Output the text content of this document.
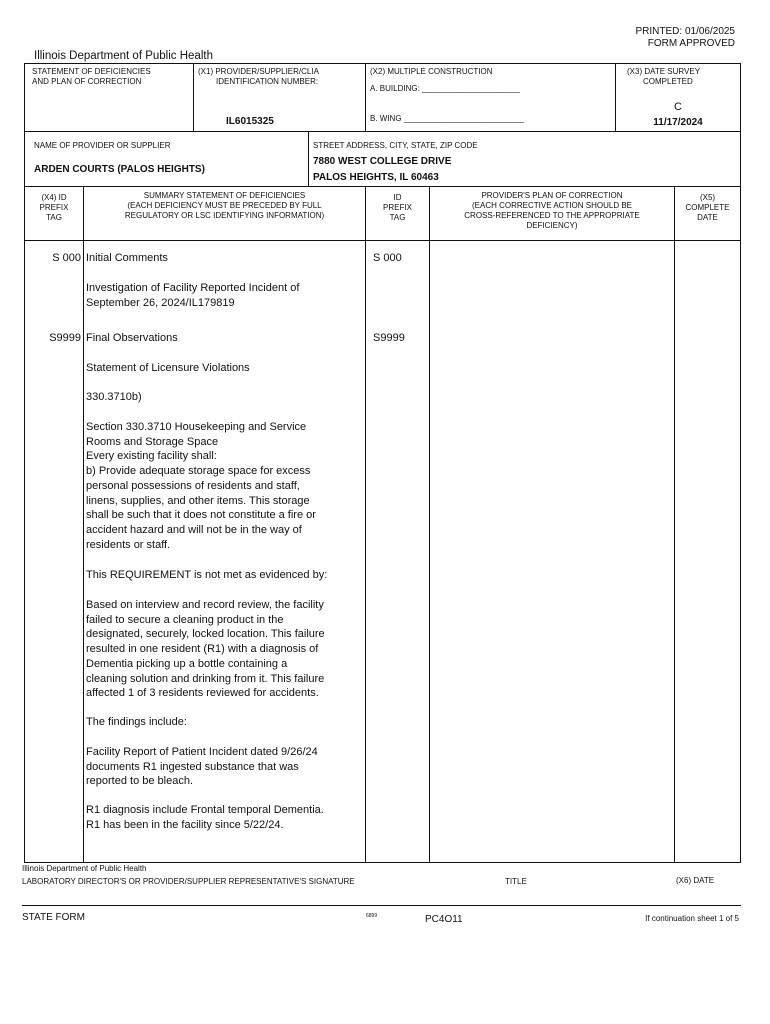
PRINTED: 01/06/2025
FORM APPROVED
Illinois Department of Public Health
STATEMENT OF DEFICIENCIES
AND PLAN OF CORRECTION
(X1) PROVIDER/SUPPLIER/CLIA
IDENTIFICATION NUMBER:
IL6015325
(X2) MULTIPLE CONSTRUCTION
A. BUILDING: ______________________
B. WING ___________________________
(X3) DATE SURVEY
COMPLETED
C
11/17/2024
NAME OF PROVIDER OR SUPPLIER
ARDEN COURTS (PALOS HEIGHTS)
STREET ADDRESS, CITY, STATE, ZIP CODE
7880 WEST COLLEGE DRIVE
PALOS HEIGHTS, IL 60463
(X4) ID
PREFIX
TAG
SUMMARY STATEMENT OF DEFICIENCIES
(EACH DEFICIENCY MUST BE PRECEDED BY FULL
REGULATORY OR LSC IDENTIFYING INFORMATION)
ID
PREFIX
TAG
PROVIDER'S PLAN OF CORRECTION
(EACH CORRECTIVE ACTION SHOULD BE
CROSS-REFERENCED TO THE APPROPRIATE
DEFICIENCY)
(X5)
COMPLETE
DATE
S 000 Initial Comments	S 000
Investigation of Facility Reported Incident of
September 26, 2024/IL179819
S9999 Final Observations	S9999
Statement of Licensure Violations
330.3710b)
Section 330.3710 Housekeeping and Service
Rooms and Storage Space
Every existing facility shall:
b) Provide adequate storage space for excess
personal possessions of residents and staff,
linens, supplies, and other items. This storage
shall be such that it does not constitute a fire or
accident hazard and will not be in the way of
residents or staff.
This REQUIREMENT is not met as evidenced by:
Based on interview and record review, the facility
failed to secure a cleaning product in the
designated, securely, locked location. This failure
resulted in one resident (R1) with a diagnosis of
Dementia picking up a bottle containing a
cleaning solution and drinking from it. This failure
affected 1 of 3 residents reviewed for accidents.
The findings include:
Facility Report of Patient Incident dated 9/26/24
documents R1 ingested substance that was
reported to be bleach.
R1 diagnosis include Frontal temporal Dementia.
R1 has been in the facility since 5/22/24.
Illinois Department of Public Health
LABORATORY DIRECTOR'S OR PROVIDER/SUPPLIER REPRESENTATIVE'S SIGNATURE	TITLE	(X6) DATE
STATE FORM	6899	PC4O11	If continuation sheet 1 of 5
